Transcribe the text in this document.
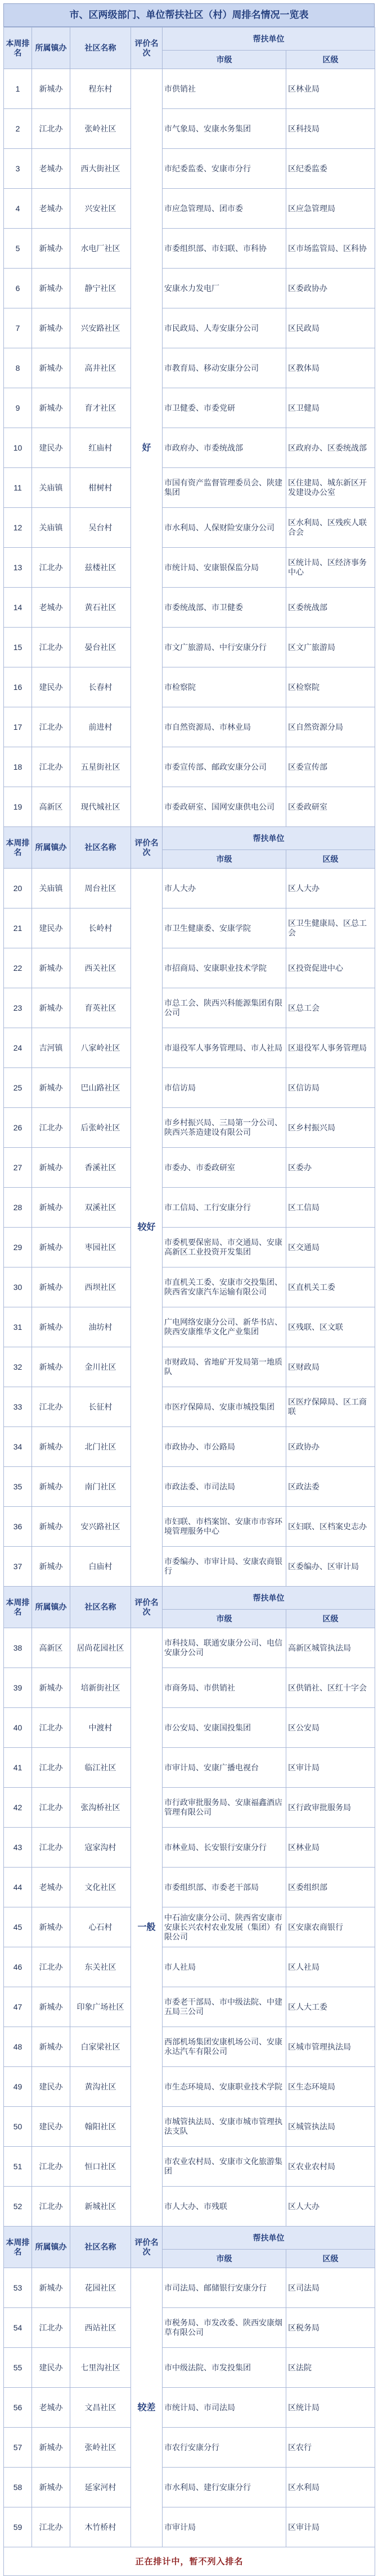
市、区两级部门、单位帮扶社区（村）周排名情况一览表
本周排名	所属镇办	社区名称	评价名次	帮扶单位	
				市级	区级
1	新城办	程东村	好	市供销社	区林业局
2	江北办	张岭社区		市气象局、安康水务集团	区科技局
3	老城办	西大街社区		市纪委监委、安康市分行	区纪委监委
4	老城办	兴安社区		市应急管理局、团市委	区应急管理局
5	新城办	水电厂社区		市委组织部、市妇联、市科协	区市场监管局、区科协
6	新城办	静宁社区		安康水力发电厂	区委政协办
7	新城办	兴安路社区		市民政局、人寿安康分公司	区民政局
8	新城办	高井社区		市教育局、移动安康分公司	区教体局
9	新城办	育才社区		市卫健委、市委党研	区卫健局
10	建民办	红庙村		市政府办、市委统战部	区政府办、区委统战部
11	关庙镇	柑树村		市国有资产监督管理委员会、陕建集团	区住建局、城东新区开发建设办公室
12	关庙镇	吴台村		市水利局、人保财险安康分公司	区水利局、区残疾人联合会
13	江北办	兹楼社区		市统计局、安康银保监分局	区统计局、区经济事务中心
14	老城办	黄石社区		市委统战部、市卫健委	区委统战部
15	江北办	晏台社区		市文广旅游局、中行安康分行	区文广旅游局
16	建民办	长春村		市检察院	区检察院
17	江北办	前进村		市自然资源局、市林业局	区自然资源分局
18	江北办	五星街社区		市委宣传部、邮政安康分公司	区委宣传部
19	高新区	现代城社区		市委政研室、国网安康供电公司	区委政研室
本周排名	所属镇办	社区名称	评价名次	帮扶单位	
				市级	区级
20	关庙镇	周台社区	较好	市人大办	区人大办
21	建民办	长岭村		市卫生健康委、安康学院	区卫生健康局、区总工会
22	新城办	西关社区		市招商局、安康职业技术学院	区投资促进中心
23	新城办	育英社区		市总工会、陕西兴科能源集团有限公司	区总工会
24	吉河镇	八家岭社区		市退役军人事务管理局、市人社局	区退役军人事务管理局
25	新城办	巴山路社区		市信访局	区信访局
26	江北办	后张岭社区		市乡村振兴局、三局第一分公司、陕西兴茶造建设有限公司	区乡村振兴局
27	新城办	香溪社区		市委办、市委政研室	区委办
28	新城办	双溪社区		市工信局、工行安康分行	区工信局
29	新城办	枣园社区		市委机要保密局、市交通局、安康高新区工业投资开发集团	区交通局
30	新城办	西坝社区		市直机关工委、安康市交投集团、陕西省安康汽车运输有限公司	区直机关工委
31	新城办	油坊村		广电网络安康分公司、新华书店、陕西安康维华文化产业集团	区残联、区文联
32	新城办	金川社区		市财政局、省地矿开发局第一地质队	区财政局
33	江北办	长征村		市医疗保障局、安康市城投集团	区医疗保障局、区工商联
34	新城办	北门社区		市政协办、市公路局	区政协办
35	新城办	南门社区		市政法委、市司法局	区政法委
36	新城办	安兴路社区		市妇联、市档案馆、安康市市容环境管理服务中心	区妇联、区档案史志办
37	新城办	白庙村		市委编办、市审计局、安康农商银行	区委编办、区审计局
本周排名	所属镇办	社区名称	评价名次	帮扶单位	
				市级	区级
38	高新区	居尚花园社区	一般	市科技局、联通安康分公司、电信安康分公司	高新区城管执法局
39	新城办	培新街社区		市商务局、市供销社	区供销社、区红十字会
40	江北办	中渡村		市公安局、安康国投集团	区公安局
41	江北办	临江社区		市审计局、安康广播电视台	区审计局
42	江北办	张沟桥社区		市行政审批服务局、安康福鑫酒店管理有限公司	区行政审批服务局
43	江北办	寇家沟村		市林业局、长安银行安康分行	区林业局
44	老城办	文化社区		市委组织部、市委老干部局	区委组织部
45	新城办	心石村		中石油安康分公司、陕西省安康市安康长兴农村农业发展（集团）有限公司	区安康农商银行
46	江北办	东关社区		市人社局	区人社局
47	新城办	印象广场社区		市委老干部局、市中级法院、中建五局三公司	区人大工委
48	新城办	白家梁社区		西部机场集团安康机场公司、安康永达汽车有限公司	区城市管理执法局
49	建民办	黄沟社区		市生态环境局、安康职业技术学院	区生态环境局
50	建民办	翰阳社区		市城管执法局、安康市城市管理执法支队	区城管执法局
51	江北办	恒口社区		市农业农村局、安康市文化旅游集团	区农业农村局
52	江北办	新城社区		市人大办、市残联	区人大办
本周排名	所属镇办	社区名称	评价名次	帮扶单位	
				市级	区级
53	新城办	花园社区	较差	市司法局、邮储银行安康分行	区司法局
54	江北办	西站社区		市税务局、市发改委、陕西安康烟草有限公司	区税务局
55	建民办	七里沟社区		市中级法院、市发投集团	区法院
56	老城办	文昌社区		市统计局、市司法局	区统计局
57	新城办	张岭社区		市农行安康分行	区农行
58	新城办	延家河村		市水利局、建行安康分行	区水利局
59	江北办	木竹桥村		市审计局	区审计局
正在排计中，暂不列入排名					
